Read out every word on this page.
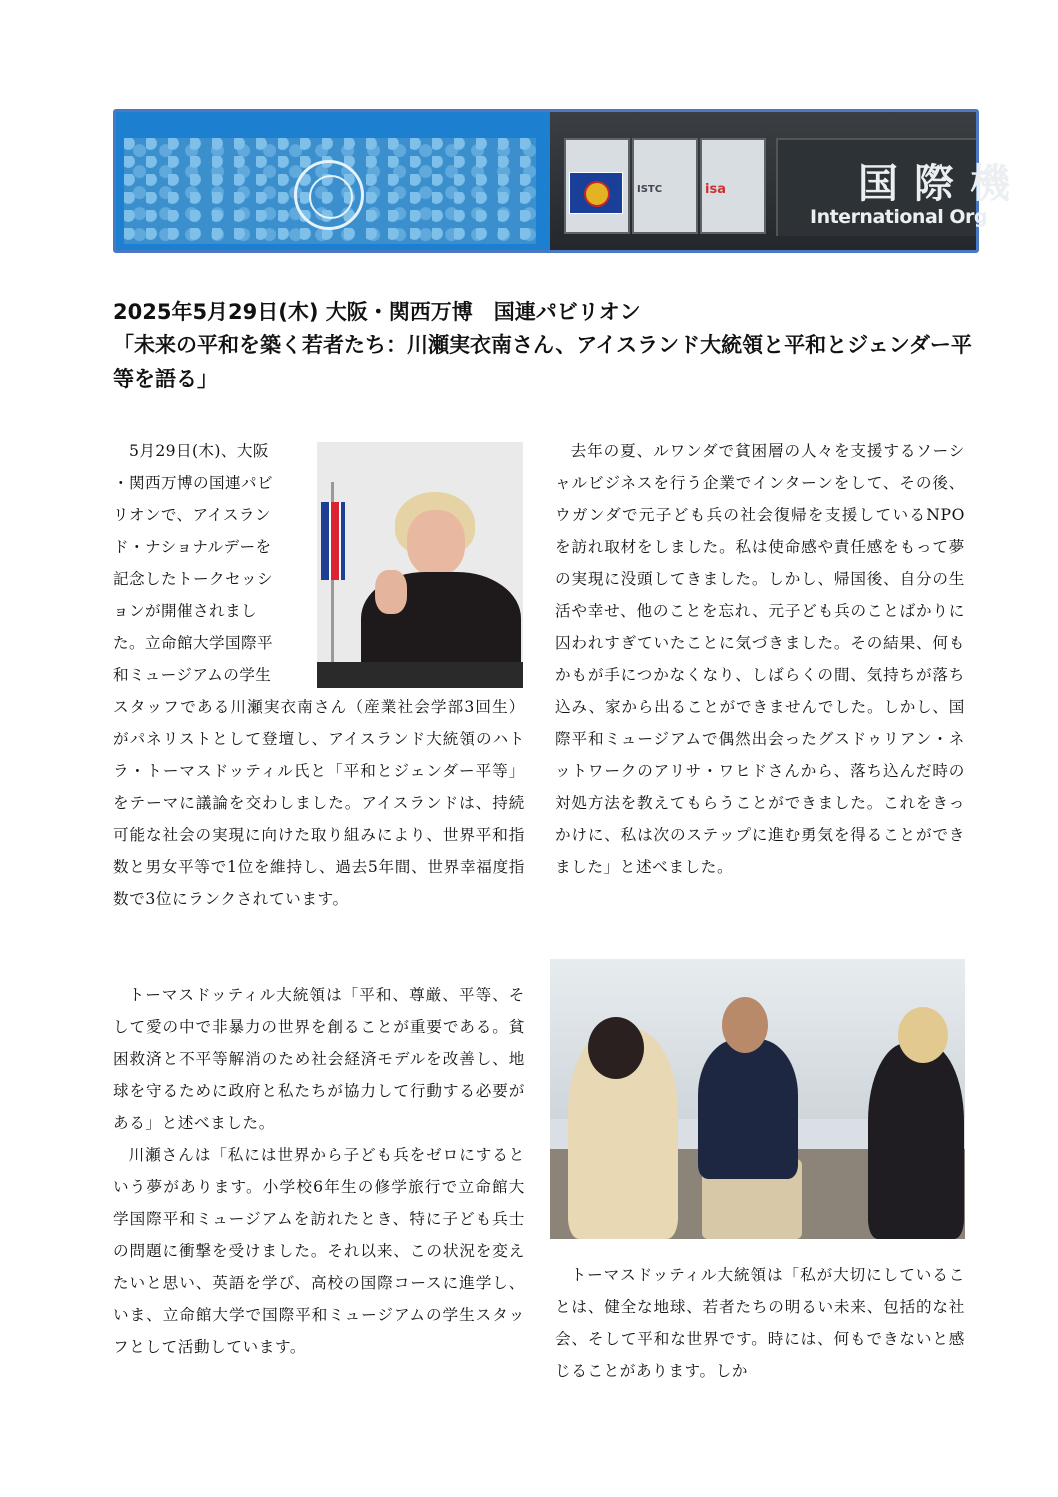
ISTC	isa	国際機
International Org
2025年5月29日(木) 大阪・関西万博　国連パビリオン
「未来の平和を築く若者たち：川瀬実衣南さん、アイスランド大統領と平和とジェンダー平等を語る」
5月29日(木)、大阪
・関西万博の国連パビ
リオンで、アイスラン
ド・ナショナルデーを
記念したトークセッシ
ョンが開催されまし
た。立命館大学国際平
和ミュージアムの学生

スタッフである川瀬実衣南さん（産業社会学部3回生）がパネリストとして登壇し、アイスランド大統領のハトラ・トーマスドッティル氏と「平和とジェンダー平等」をテーマに議論を交わしました。アイスランドは、持続可能な社会の実現に向けた取り組みにより、世界平和指数と男女平等で1位を維持し、過去5年間、世界幸福度指数で3位にランクされています。

トーマスドッティル大統領は「平和、尊厳、平等、そして愛の中で非暴力の世界を創ることが重要である。貧困救済と不平等解消のため社会経済モデルを改善し、地球を守るために政府と私たちが協力して行動する必要がある」と述べました。

川瀬さんは「私には世界から子ども兵をゼロにするという夢があります。小学校6年生の修学旅行で立命館大学国際平和ミュージアムを訪れたとき、特に子ども兵士の問題に衝撃を受けました。それ以来、この状況を変えたいと思い、英語を学び、高校の国際コースに進学し、いま、立命館大学で国際平和ミュージアムの学生スタッフとして活動しています。

去年の夏、ルワンダで貧困層の人々を支援するソーシャルビジネスを行う企業でインターンをして、その後、ウガンダで元子ども兵の社会復帰を支援しているNPOを訪れ取材をしました。私は使命感や責任感をもって夢の実現に没頭してきました。しかし、帰国後、自分の生活や幸せ、他のことを忘れ、元子ども兵のことばかりに囚われすぎていたことに気づきました。その結果、何もかもが手につかなくなり、しばらくの間、気持ちが落ち込み、家から出ることができませんでした。しかし、国際平和ミュージアムで偶然出会ったグスドゥリアン・ネットワークのアリサ・ワヒドさんから、落ち込んだ時の対処方法を教えてもらうことができました。これをきっかけに、私は次のステップに進む勇気を得ることができました」と述べました。

トーマスドッティル大統領は「私が大切にしていることは、健全な地球、若者たちの明るい未来、包括的な社会、そして平和な世界です。時には、何もできないと感じることがあります。しか
